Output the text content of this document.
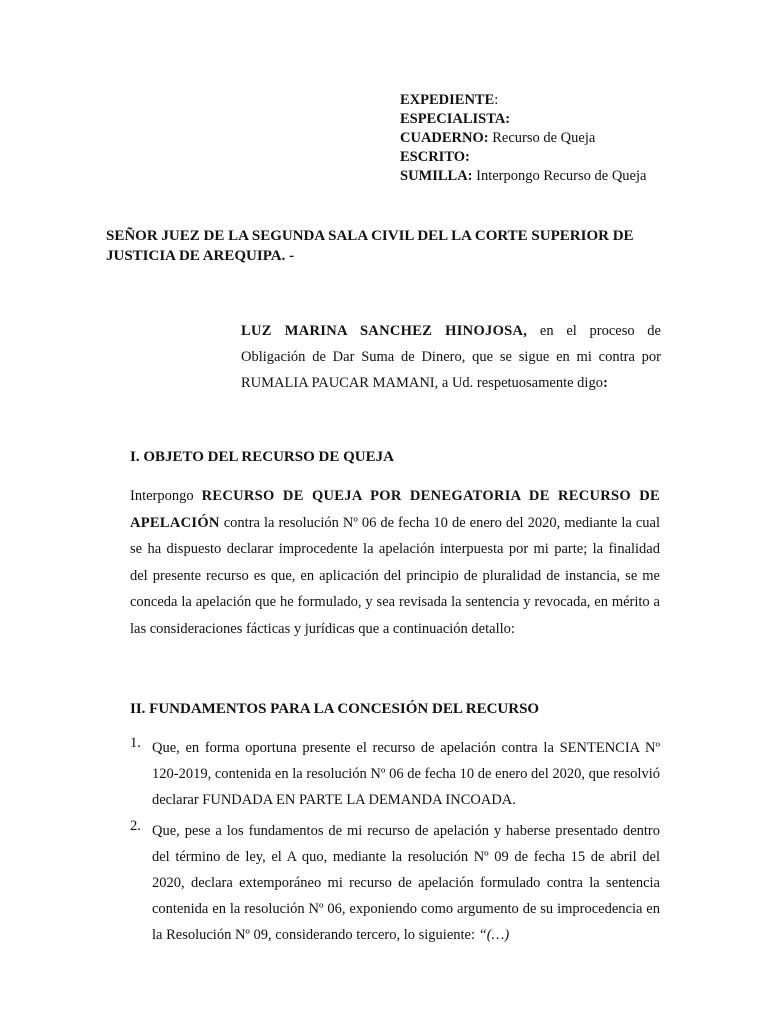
EXPEDIENTE:
ESPECIALISTA:
CUADERNO: Recurso de Queja
ESCRITO:
SUMILLA: Interpongo Recurso de Queja
SEÑOR JUEZ DE LA SEGUNDA SALA CIVIL DEL LA CORTE SUPERIOR DE JUSTICIA DE AREQUIPA. -
LUZ MARINA SANCHEZ HINOJOSA, en el proceso de Obligación de Dar Suma de Dinero, que se sigue en mi contra por RUMALIA PAUCAR MAMANI, a Ud. respetuosamente digo:
I. OBJETO DEL RECURSO DE QUEJA
Interpongo RECURSO DE QUEJA POR DENEGATORIA DE RECURSO DE APELACIÓN contra la resolución Nº 06 de fecha 10 de enero del 2020, mediante la cual se ha dispuesto declarar improcedente la apelación interpuesta por mi parte; la finalidad del presente recurso es que, en aplicación del principio de pluralidad de instancia, se me conceda la apelación que he formulado, y sea revisada la sentencia y revocada, en mérito a las consideraciones fácticas y jurídicas que a continuación detallo:
II. FUNDAMENTOS PARA LA CONCESIÓN DEL RECURSO
1. Que, en forma oportuna presente el recurso de apelación contra la SENTENCIA Nº 120-2019, contenida en la resolución Nº 06 de fecha 10 de enero del 2020, que resolvió declarar FUNDADA EN PARTE LA DEMANDA INCOADA.
2. Que, pese a los fundamentos de mi recurso de apelación y haberse presentado dentro del término de ley, el A quo, mediante la resolución Nº 09 de fecha 15 de abril del 2020, declara extemporáneo mi recurso de apelación formulado contra la sentencia contenida en la resolución Nº 06, exponiendo como argumento de su improcedencia en la Resolución Nº 09, considerando tercero, lo siguiente: “(…)
